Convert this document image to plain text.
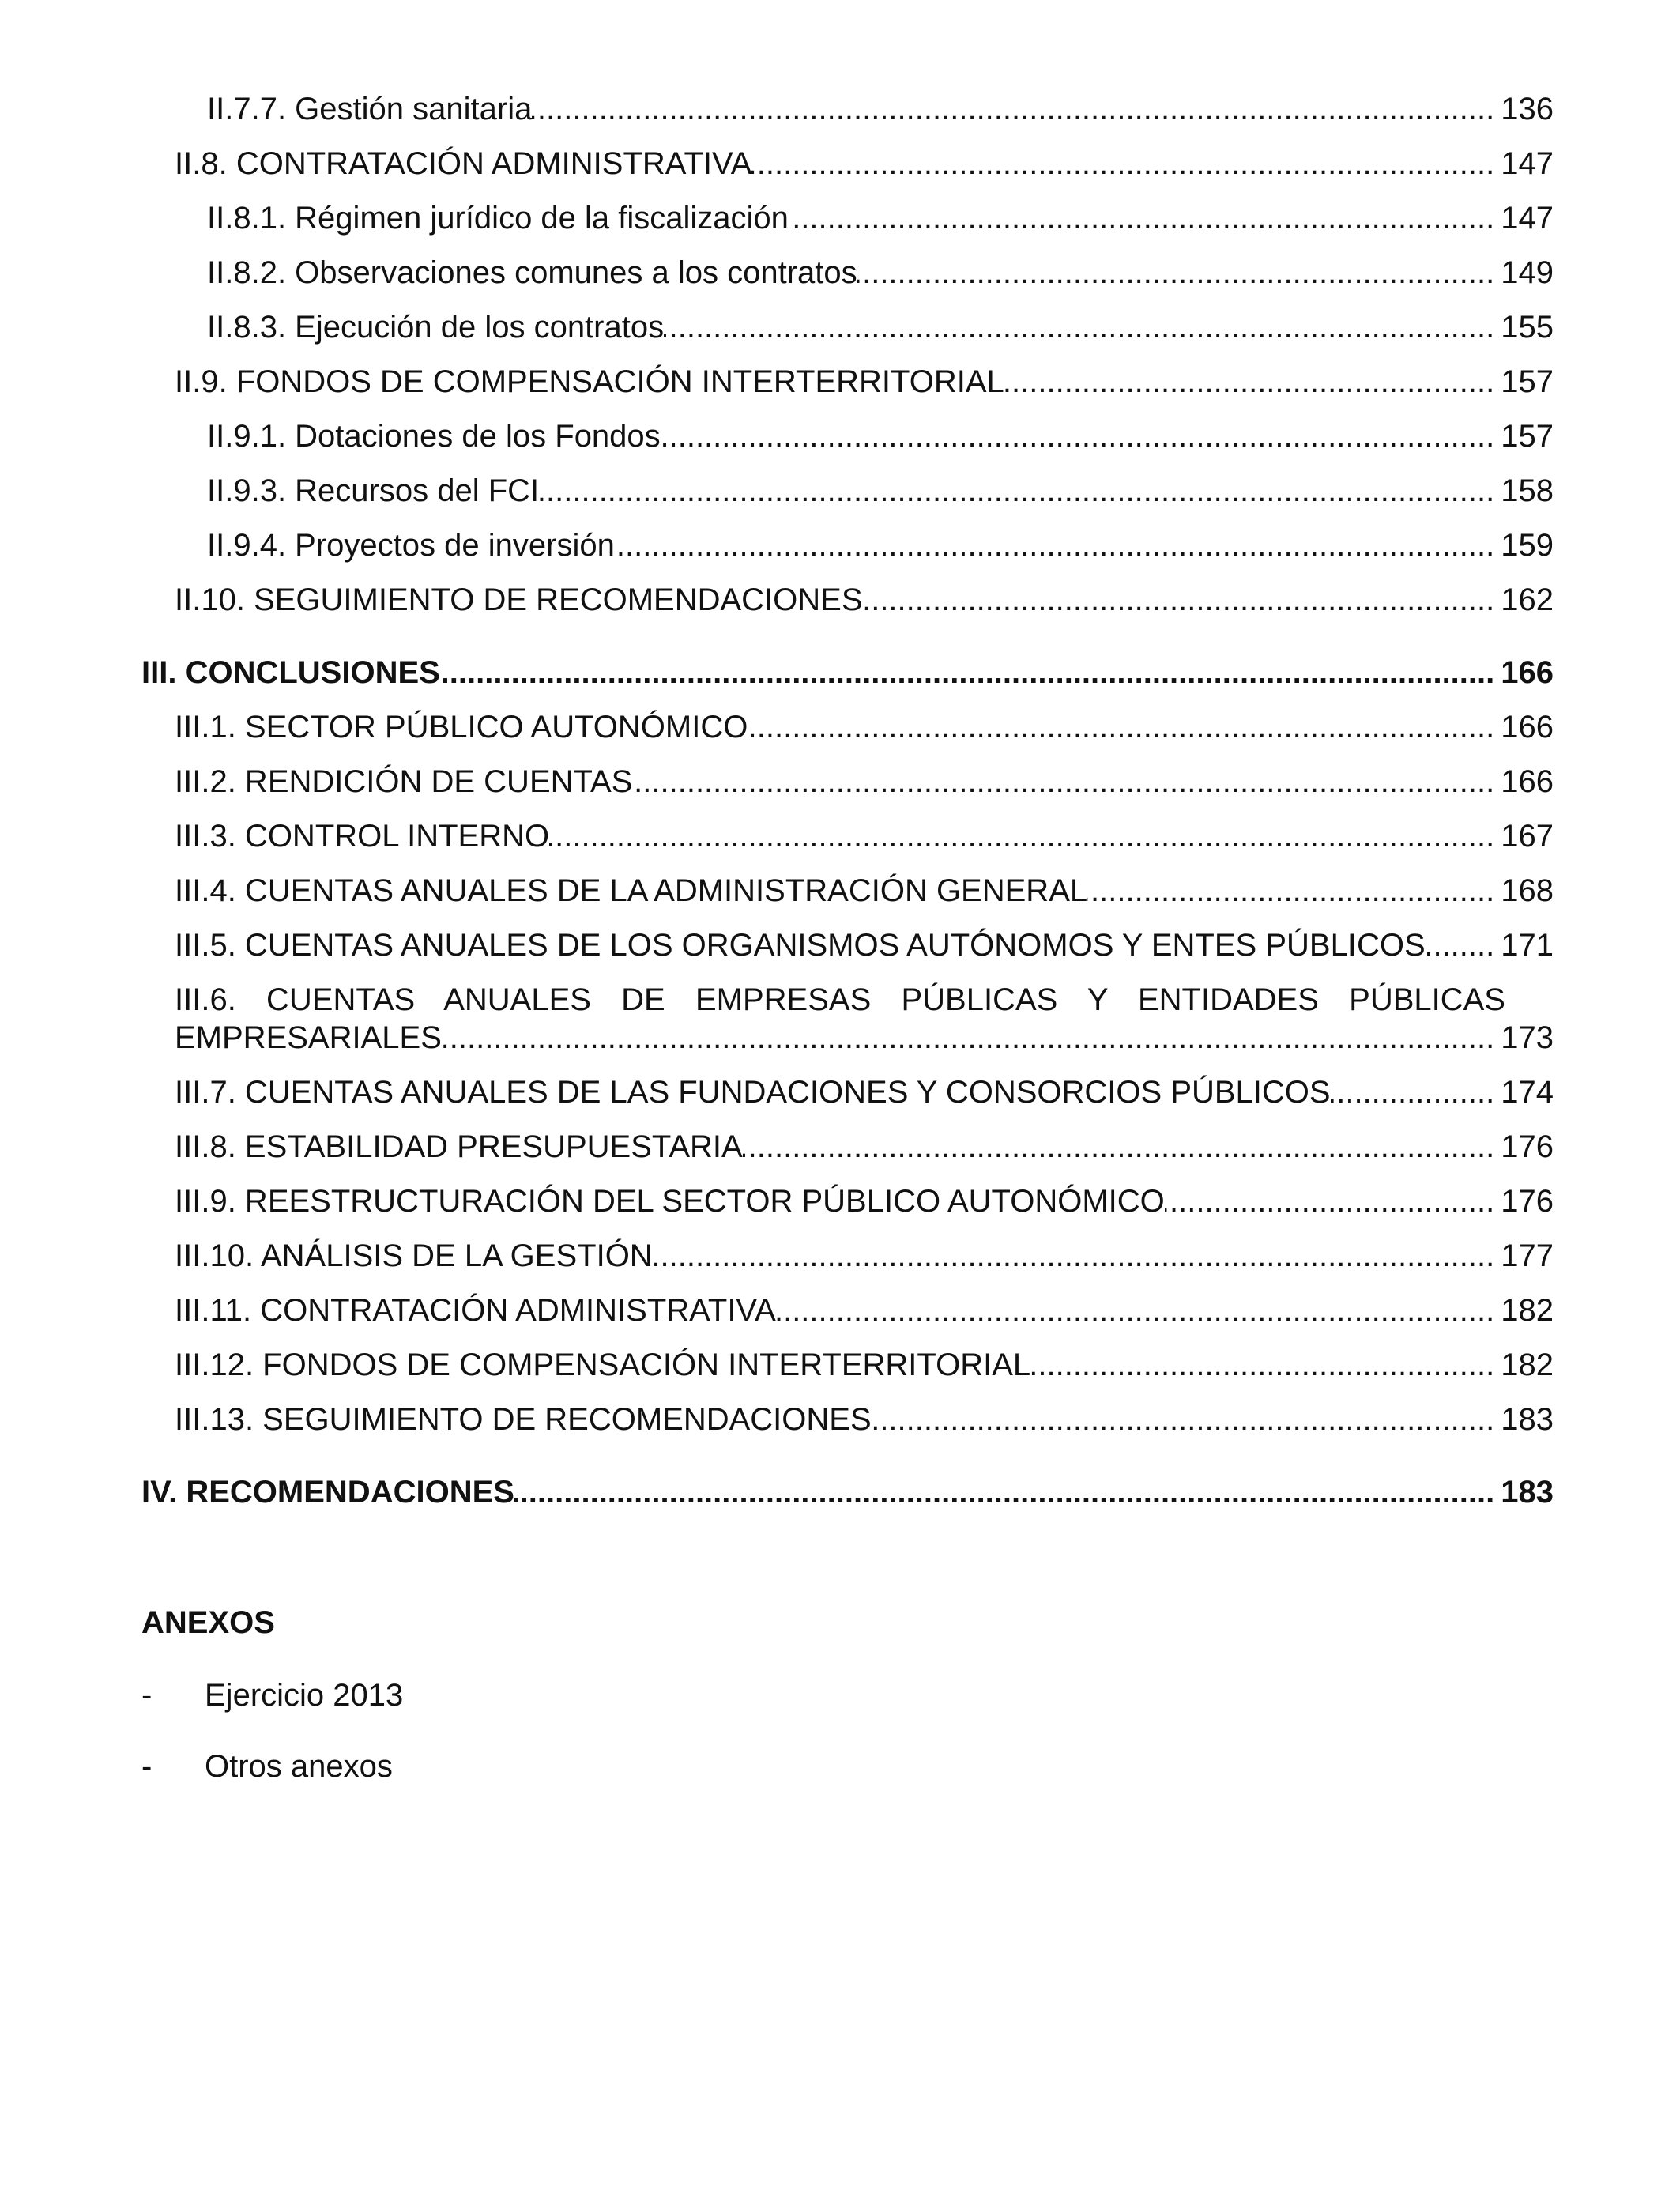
II.7.7. Gestión sanitaria .....	136
II.8. CONTRATACIÓN ADMINISTRATIVA .....	147
II.8.1. Régimen jurídico de la fiscalización .....	147
II.8.2. Observaciones comunes a los contratos .....	149
II.8.3. Ejecución de los contratos .....	155
II.9. FONDOS DE COMPENSACIÓN INTERTERRITORIAL .....	157
II.9.1. Dotaciones de los Fondos .....	157
II.9.3. Recursos del FCI .....	158
II.9.4. Proyectos de inversión .....	159
II.10. SEGUIMIENTO DE RECOMENDACIONES .....	162
III. CONCLUSIONES .....	166
III.1. SECTOR PÚBLICO AUTONÓMICO .....	166
III.2. RENDICIÓN DE CUENTAS .....	166
III.3. CONTROL INTERNO .....	167
III.4. CUENTAS ANUALES DE LA ADMINISTRACIÓN GENERAL .....	168
III.5. CUENTAS ANUALES DE LOS ORGANISMOS AUTÓNOMOS Y ENTES PÚBLICOS ..... 171
III.6. CUENTAS ANUALES DE EMPRESAS PÚBLICAS Y ENTIDADES PÚBLICAS
EMPRESARIALES .....	173
III.7. CUENTAS ANUALES DE LAS FUNDACIONES Y CONSORCIOS PÚBLICOS .....	174
III.8. ESTABILIDAD PRESUPUESTARIA .....	176
III.9. REESTRUCTURACIÓN DEL SECTOR PÚBLICO AUTONÓMICO .....	176
III.10. ANÁLISIS DE LA GESTIÓN .....	177
III.11. CONTRATACIÓN ADMINISTRATIVA .....	182
III.12. FONDOS DE COMPENSACIÓN INTERTERRITORIAL .....	182
III.13. SEGUIMIENTO DE RECOMENDACIONES .....	183
IV. RECOMENDACIONES .....	183
ANEXOS
-	Ejercicio 2013
-	Otros anexos
